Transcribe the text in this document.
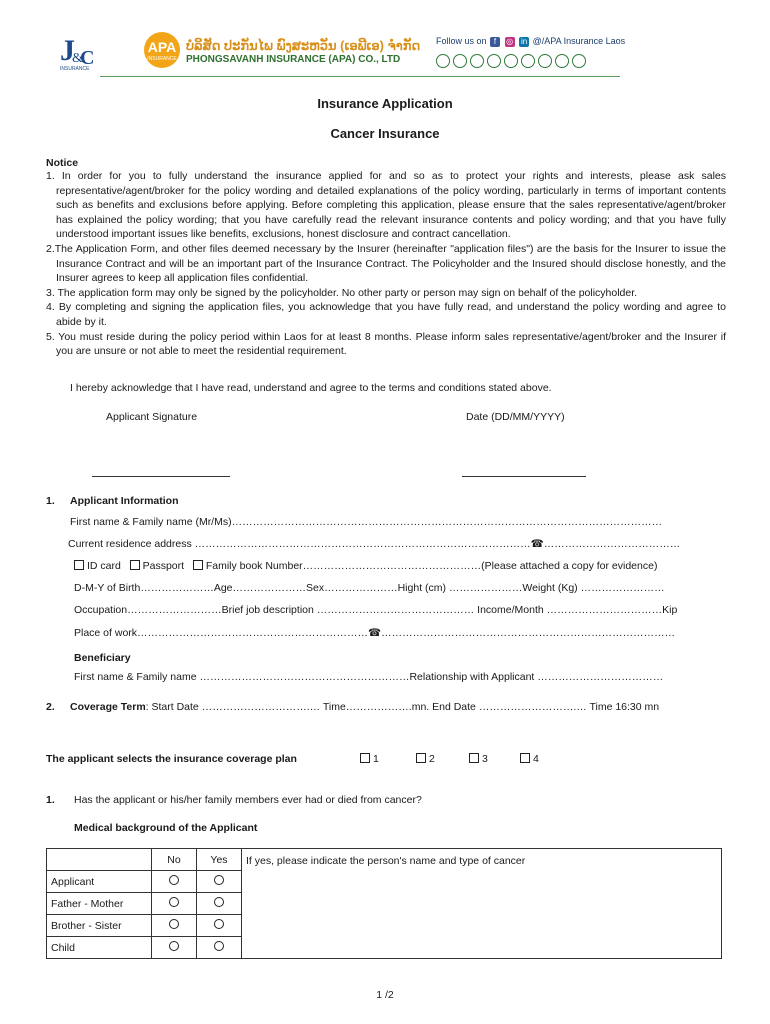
J
&
C
INSURANCE
APA
INSURANCE
ບໍລິສັດ ປະກັນໄພ ພົງສະຫວັນ (ເອພີເອ) ຈຳກັດ
PHONGSAVANH INSURANCE (APA) CO., LTD
Follow us on f ◎ in @/APA Insurance Laos
Insurance Application
Cancer Insurance
Notice

1. In order for you to fully understand the insurance applied for and so as to protect your rights and interests, please ask sales representative/agent/broker for the policy wording and detailed explanations of the policy wording, particularly in terms of important contents such as benefits and exclusions before applying. Before completing this application, please ensure that the sales representative/agent/broker has explained the policy wording; that you have carefully read the relevant insurance contents and policy wording; and that you have fully understood important issues like benefits, exclusions, honest disclosure and contract cancellation.

2.The Application Form, and other files deemed necessary by the Insurer (hereinafter "application files") are the basis for the Insurer to issue the Insurance Contract and will be an important part of the Insurance Contract. The Policyholder and the Insured should disclose honestly, and the Insurer agrees to keep all application files confidential.

3. The application form may only be signed by the policyholder. No other party or person may sign on behalf of the policyholder.

4. By completing and signing the application files, you acknowledge that you have fully read, and understand the policy wording and agree to abide by it.

5. You must reside during the policy period within Laos for at least 8 months. Please inform sales representative/agent/broker and the Insurer if you are unsure or not able to meet the residential requirement.

I hereby acknowledge that I have read, understand and agree to the terms and conditions stated above.
Applicant Signature	Date (DD/MM/YYYY)
1. Applicant Information
First name & Family name (Mr/Ms)……………………………………………………………………………………………………………
Current residence address ……………………………………………………………………………………☎…………………………………
ID card Passport Family book Number……………………………………………(Please attached a copy for evidence)
D-M-Y of Birth…………………Age…………………Sex…………………Hight (cm) …………………Weight (Kg) ……………………
Occupation………………………Brief job description ……………………………………… Income/Month ……………………………Kip
Place of work…………………………………………………………☎…………………………………………………………………………
Beneficiary
First name & Family name ……………………………………………………Relationship with Applicant ………………………………
2. Coverage Term: Start Date ………………………….… Time……………….mn. End Date ……………………….… Time 16:30 mn
The applicant selects the insurance coverage plan	1	2	3	4
1. Has the applicant or his/her family members ever had or died from cancer?
Medical background of the Applicant
	No	Yes	If yes, please indicate the person's name and type of cancer
Applicant			
Father - Mother			
Brother - Sister			
Child			
1 /2
